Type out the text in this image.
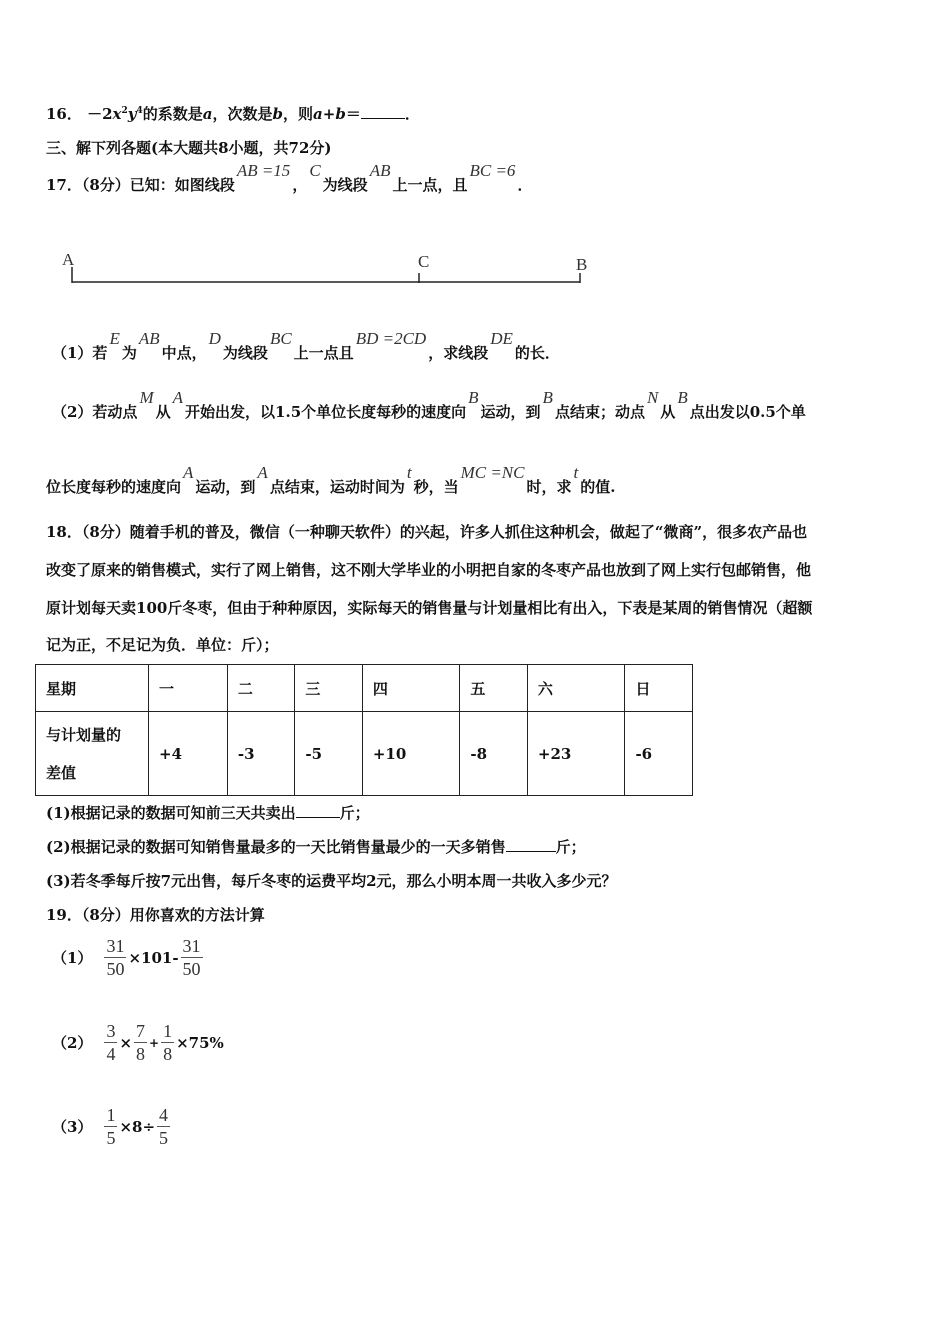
16． $-2x^2y^4$的系数是a，次数是b，则a+b＝	．
三、解下列各题(本大题共8小题，共72分)
17．（8分）已知：如图线段AB =15，C为线段AB上一点，且BC =6．
A	C	B
（1）若E为AB中点，D为线段BC上一点且BD =2CD，求线段DE的长．
（2）若动点M从A开始出发，以1.5个单位长度每秒的速度向B运动，到B点结束；动点N从B点出发以0.5个单
位长度每秒的速度向A运动，到A点结束，运动时间为t秒，当MC =NC时，求t的值.
18．（8分）随着手机的普及，微信（一种聊天软件）的兴起，许多人抓住这种机会，做起了“微商”，很多农产品也
改变了原来的销售模式，实行了网上销售，这不刚大学毕业的小明把自家的冬枣产品也放到了网上实行包邮销售，他
原计划每天卖100斤冬枣，但由于种种原因，实际每天的销售量与计划量相比有出入，下表是某周的销售情况（超额
记为正，不足记为负．单位：斤）；
星期	一	二	三	四	五	六	日
与计划量的
差值	+4	-3	-5	+10	-8	+23	-6
(1)根据记录的数据可知前三天共卖出	斤；
(2)根据记录的数据可知销售量最多的一天比销售量最少的一天多销售	斤；
(3)若冬季每斤按7元出售，每斤冬枣的运费平均2元，那么小明本周一共收入多少元？
19．（8分）用你喜欢的方法计算
$(1) \frac{31}{50} \times 101- \frac{31}{50}$
$(2) \frac{3}{4} \times \frac{7}{8} + \frac{1}{8} \times 75\%$
$(3) \frac{1}{5} \times 8\div \frac{4}{5}$
